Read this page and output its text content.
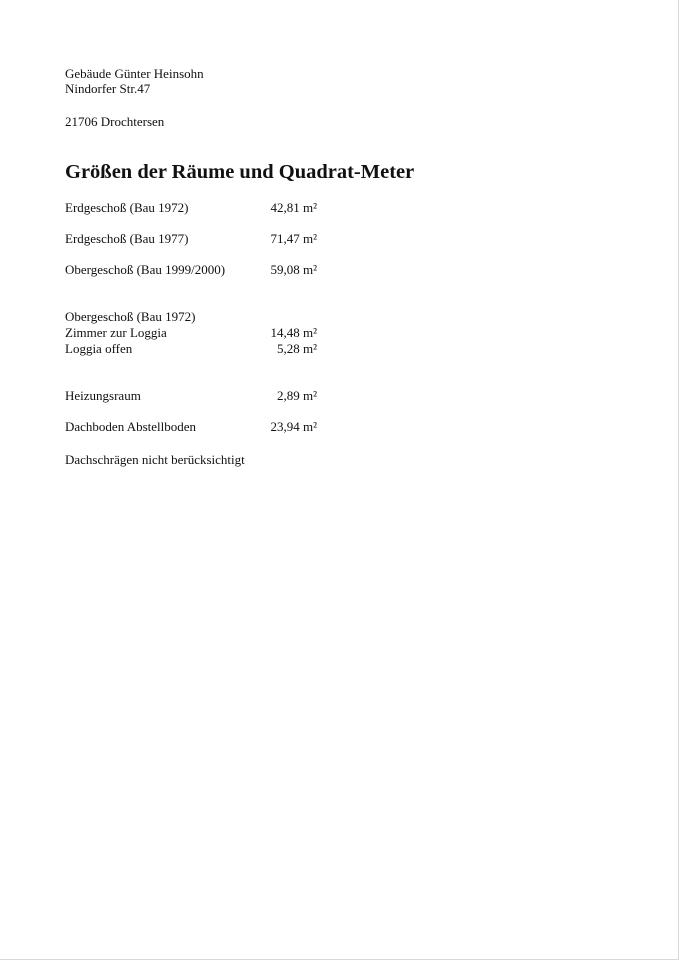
Gebäude Günter Heinsohn
Nindorfer Str.47
21706 Drochtersen
Größen der Räume und Quadrat-Meter
Erdgeschoß (Bau 1972)	42,81 m²
Erdgeschoß (Bau 1977)	71,47 m²
Obergeschoß (Bau 1999/2000)	59,08 m²
Obergeschoß (Bau 1972)
Zimmer zur Loggia	14,48 m²
Loggia offen	5,28 m²
Heizungsraum	2,89 m²
Dachboden Abstellboden	23,94 m²
Dachschrägen nicht berücksichtigt
